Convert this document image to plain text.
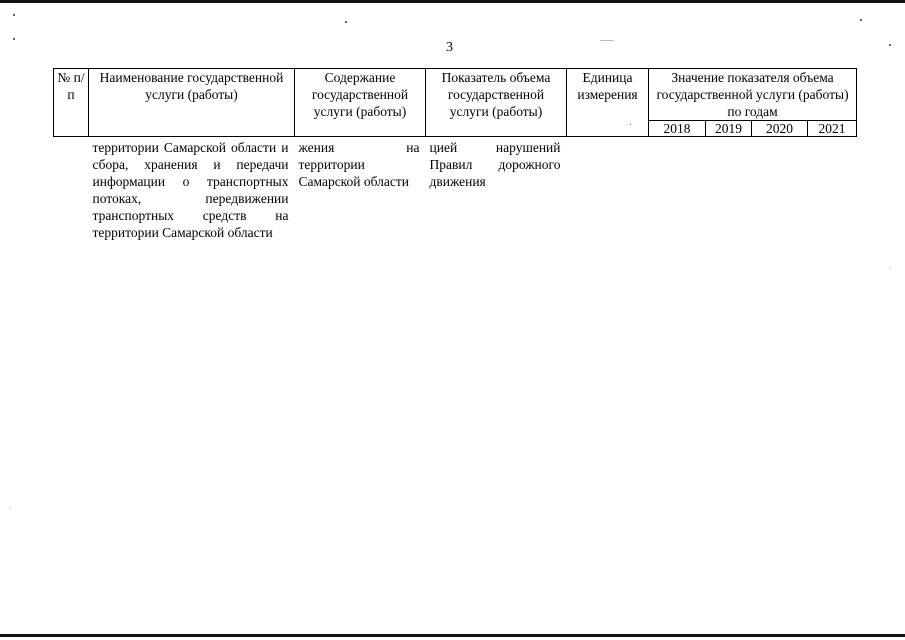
3
№ п/п	Наименование государственной услуги (работы)	Содержание государственной услуги (работы)	Показатель объема государственной услуги (работы)	Единица измерения	Значение показателя объема государственной услуги (работы) по годам			
					2018	2019	2020	2021
	территории Самарской области и сбора, хранения и передачи информации о транспортных потоках, передвижении транспортных средств на территории Самарской области	жения на территории Самарской области	цией нарушений Правил дорожного движения					
